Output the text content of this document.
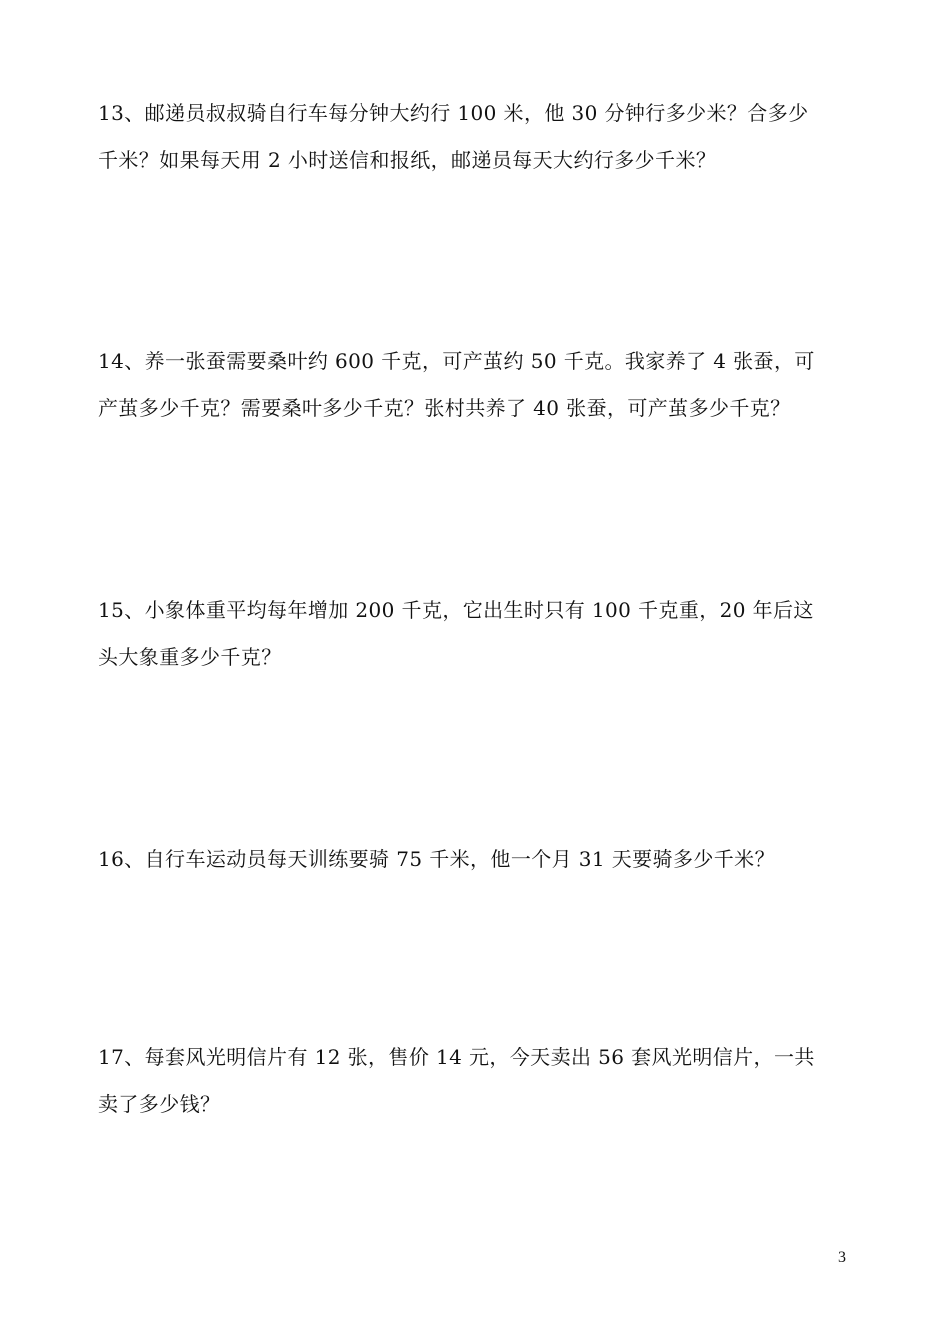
13、邮递员叔叔骑自行车每分钟大约行 100 米，他 30 分钟行多少米？合多少
千米？如果每天用 2 小时送信和报纸，邮递员每天大约行多少千米？
14、养一张蚕需要桑叶约 600 千克，可产茧约 50 千克。我家养了 4 张蚕，可
产茧多少千克？需要桑叶多少千克？张村共养了 40 张蚕，可产茧多少千克？
15、小象体重平均每年增加 200 千克，它出生时只有 100 千克重，20 年后这
头大象重多少千克？
16、自行车运动员每天训练要骑 75 千米，他一个月 31 天要骑多少千米？
17、每套风光明信片有 12 张，售价 14 元，今天卖出 56 套风光明信片，一共
卖了多少钱？
3
